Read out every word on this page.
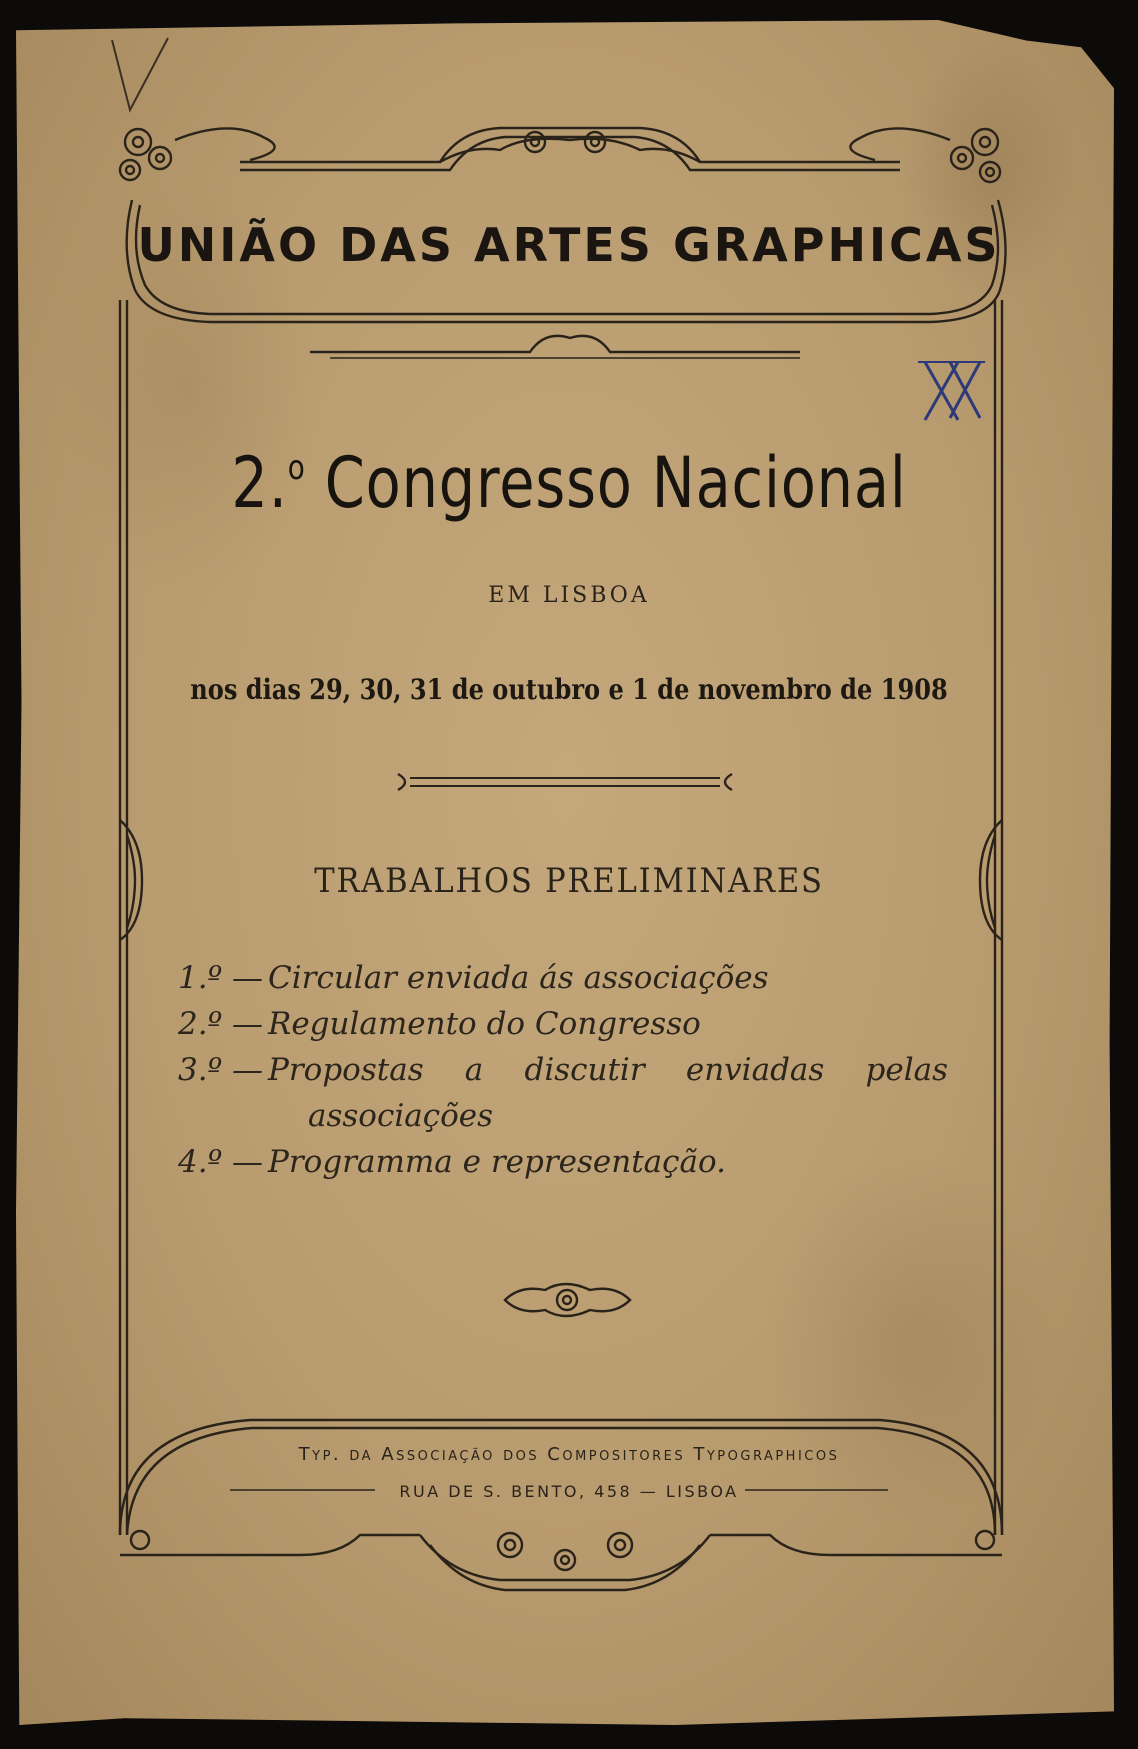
UNIÃO DAS ARTES GRAPHICAS
2.$^o$ Congresso Nacional
EM LISBOA
nos dias 29, 30, 31 de outubro e 1 de novembro de 1908
TRABALHOS PRELIMINARES
1.º — Circular enviada ás associações
2.º — Regulamento do Congresso
3.º — Propostas a discutir enviadas pelas
associações
4.º — Programma e representação.
Typ. da Associação dos Compositores Typographicos
RUA DE S. BENTO, 458 — LISBOA
